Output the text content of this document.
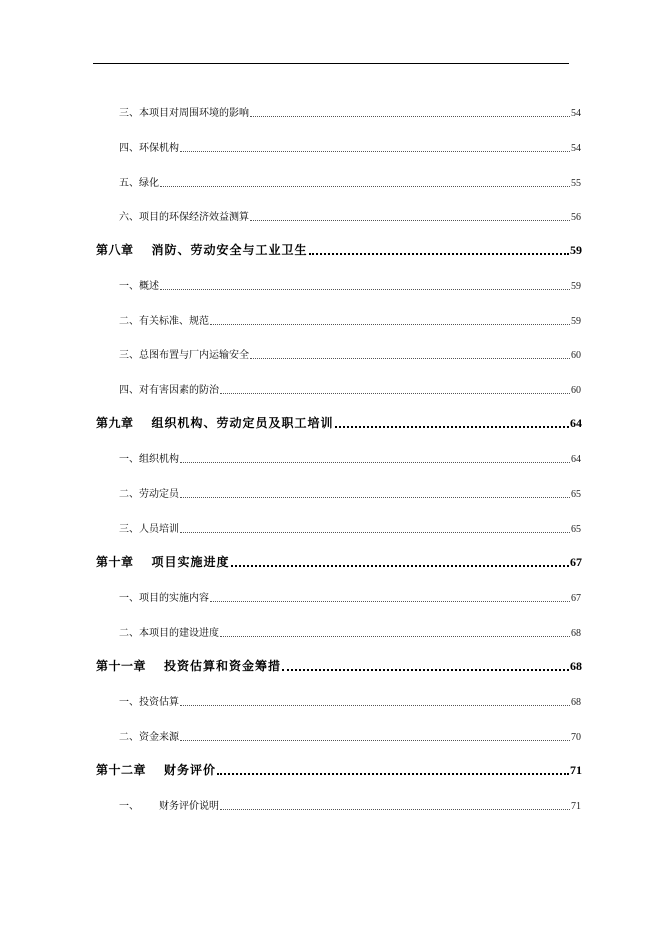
三、 本项目对周围环境的影响	54
四、 环保机构	54
五、 绿化	55
六、 项目的环保经济效益测算	56
第八章 消防、劳动安全与工业卫生	59
一、 概述	59
二、 有关标准、规范	59
三、 总图布置与厂内运输安全	60
四、 对有害因素的防治	60
第九章 组织机构、劳动定员及职工培训	64
一、 组织机构	64
二、 劳动定员	65
三、 人员培训	65
第十章 项目实施进度	67
一、 项目的实施内容	67
二、 本项目的建设进度	68
第十一章 投资估算和资金筹措	68
一、 投资估算	68
二、 资金来源	70
第十二章 财务评价	71
一、 财务评价说明	71
